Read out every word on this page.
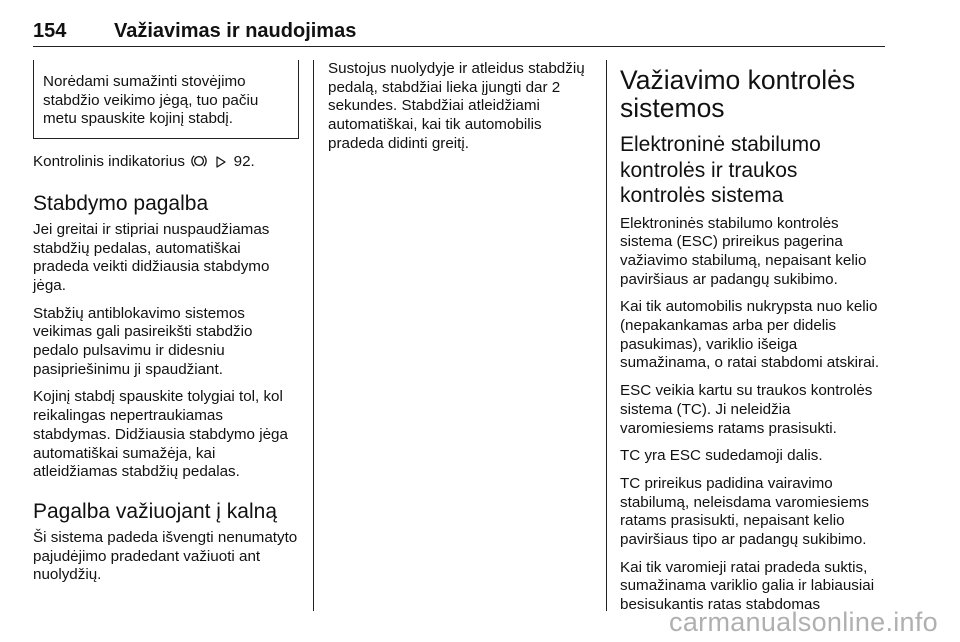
154 Važiavimas ir naudojimas
Norėdami sumažinti stovėjimo stabdžio veikimo jėgą, tuo pačiu metu spauskite kojinį stabdį.

Kontrolinis indikatorius	92.

Stabdymo pagalba

Jei greitai ir stipriai nuspaudžiamas stabdžių pedalas, automatiškai pradeda veikti didžiausia stabdymo jėga.

Stabžių antiblokavimo sistemos veikimas gali pasireikšti stabdžio pedalo pulsavimu ir didesniu pasipriešinimu ji spaudžiant.

Kojinį stabdį spauskite tolygiai tol, kol reikalingas nepertraukiamas stabdymas. Didžiausia stabdymo jėga automatiškai sumažėja, kai atleidžiamas stabdžių pedalas.

Pagalba važiuojant į kalną

Ši sistema padeda išvengti nenumatyto pajudėjimo pradedant važiuoti ant nuolydžių.

Sustojus nuolydyje ir atleidus stabdžių pedalą, stabdžiai lieka įjungti dar 2 sekundes. Stabdžiai atleidžiami automatiškai, kai tik automobilis pradeda didinti greitį.

Važiavimo kontrolės sistemos
Elektroninė stabilumo kontrolės ir traukos kontrolės sistema

Elektroninės stabilumo kontrolės sistema (ESC) prireikus pagerina važiavimo stabilumą, nepaisant kelio paviršiaus ar padangų sukibimo.

Kai tik automobilis nukrypsta nuo kelio (nepakankamas arba per didelis pasukimas), variklio išeiga sumažinama, o ratai stabdomi atskirai.

ESC veikia kartu su traukos kontrolės sistema (TC). Ji neleidžia varomiesiems ratams prasisukti.

TC yra ESC sudedamoji dalis.

TC prireikus padidina vairavimo stabilumą, neleisdama varomiesiems ratams prasisukti, nepaisant kelio paviršiaus tipo ar padangų sukibimo.

Kai tik varomieji ratai pradeda suktis, sumažinama variklio galia ir labiausiai besisukantis ratas stabdomas

carmanualsonline.info
